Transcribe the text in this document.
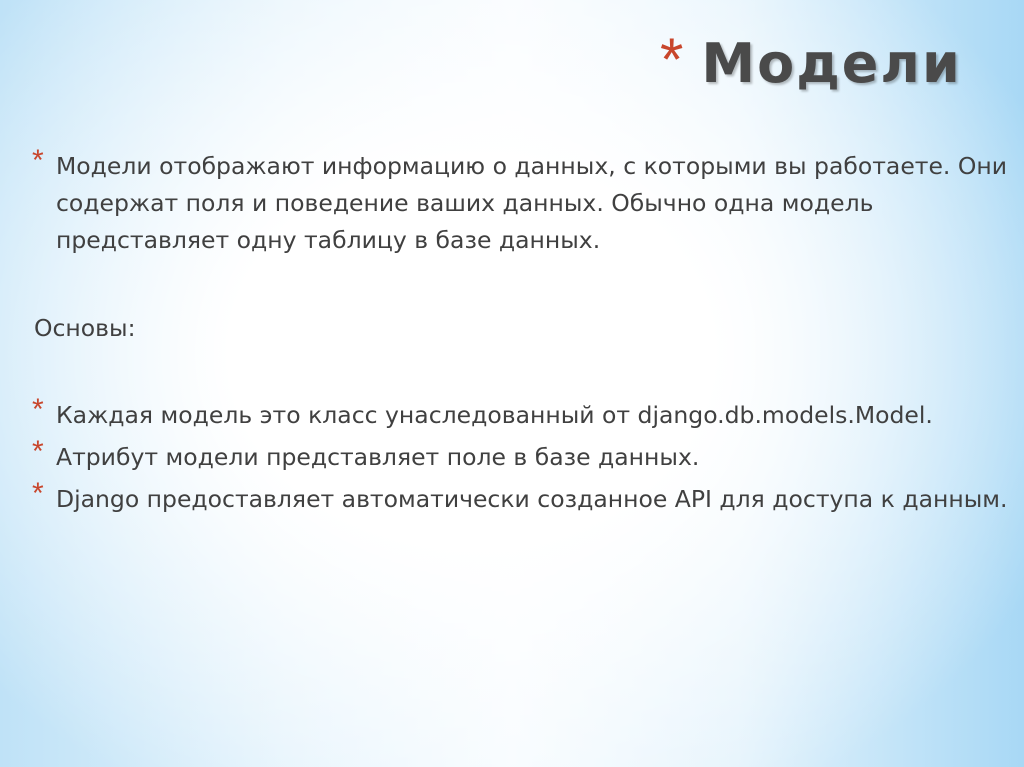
* Модели
* Модели отображают информацию о данных, с которыми вы работаете. Они содержат поля и поведение ваших данных. Обычно одна модель представляет одну таблицу в базе данных.
Основы:
* Каждая модель это класс унаследованный от django.db.models.Model.
* Атрибут модели представляет поле в базе данных.
* Django предоставляет автоматически созданное API для доступа к данным.
